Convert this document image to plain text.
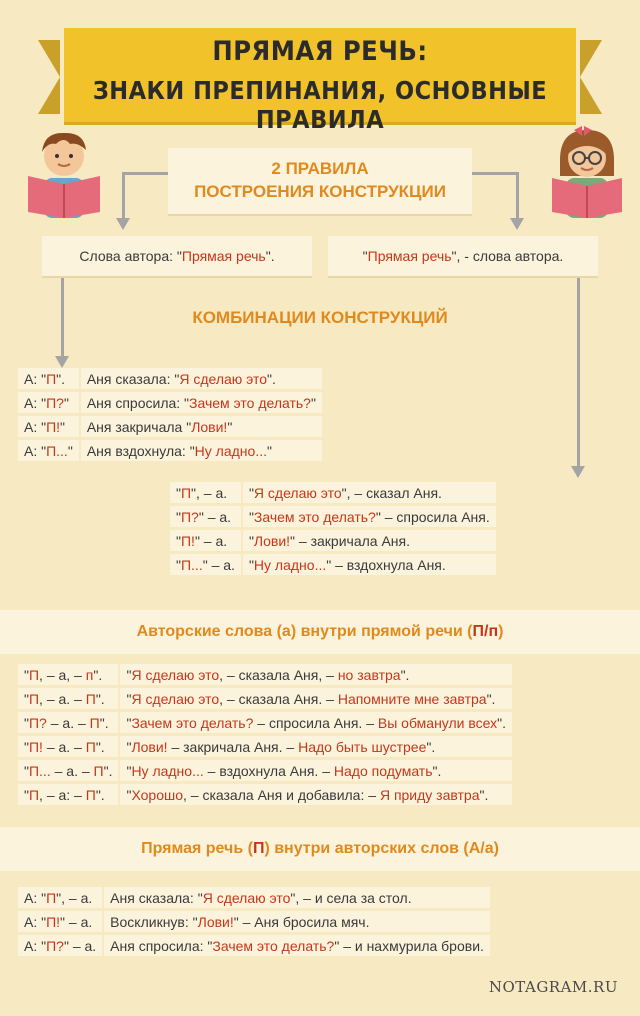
ПРЯМАЯ РЕЧЬ:
ЗНАКИ ПРЕПИНАНИЯ, ОСНОВНЫЕ ПРАВИЛА
2 ПРАВИЛА
ПОСТРОЕНИЯ КОНСТРУКЦИИ
Слова автора: "Прямая речь".	"Прямая речь", - слова автора.
КОМБИНАЦИИ КОНСТРУКЦИЙ
А: "П".	Аня сказала: "Я сделаю это".
А: "П?"	Аня спросила: "Зачем это делать?"
А: "П!"	Аня закричала "Лови!"
А: "П..."	Аня вздохнула: "Ну ладно..."
"П", – а.	"Я сделаю это", – сказал Аня.
"П?" – а.	"Зачем это делать?" – спросила Аня.
"П!" – а.	"Лови!" – закричала Аня.
"П..." – а.	"Ну ладно..." – вздохнула Аня.
Авторские слова (а) внутри прямой речи (П/п)
"П, – а, – п".	"Я сделаю это, – сказала Аня, – но завтра".
"П, – а. – П".	"Я сделаю это, – сказала Аня. – Напомните мне завтра".
"П? – а. – П".	"Зачем это делать? – спросила Аня. – Вы обманули всех".
"П! – а. – П".	"Лови! – закричала Аня. – Надо быть шустрее".
"П... – а. – П".	"Ну ладно... – вздохнула Аня. – Надо подумать".
"П, – а: – П".	"Хорошо, – сказала Аня и добавила: – Я приду завтра".
Прямая речь (П) внутри авторских слов (А/а)
А: "П", – а.	Аня сказала: "Я сделаю это", – и села за стол.
А: "П!" – а.	Воскликнув: "Лови!" – Аня бросила мяч.
А: "П?" – а.	Аня спросила: "Зачем это делать?" – и нахмурила брови.
NOTAGRAM.RU
